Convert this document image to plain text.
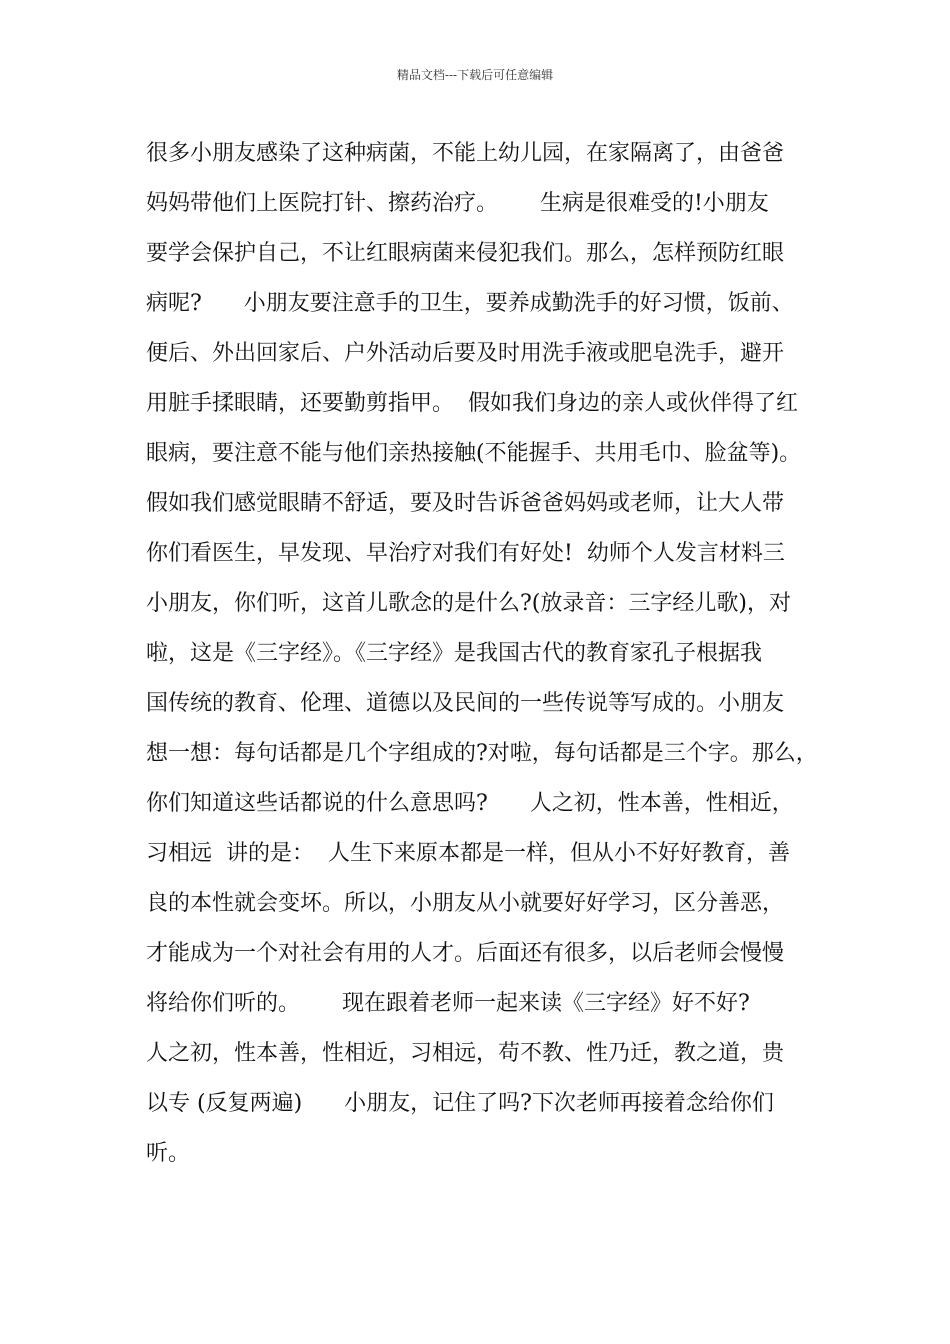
精品文档---下载后可任意编辑
很多小朋友感染了这种病菌，不能上幼儿园，在家隔离了，由爸爸
妈妈带他们上医院打针、擦药治疗。      生病是很难受的!小朋友
要学会保护自己，不让红眼病菌来侵犯我们。那么，怎样预防红眼
病呢?      小朋友要注意手的卫生，要养成勤洗手的好习惯，饭前、
便后、外出回家后、户外活动后要及时用洗手液或肥皂洗手，避开
用脏手揉眼睛，还要勤剪指甲。  假如我们身边的亲人或伙伴得了红
眼病，要注意不能与他们亲热接触(不能握手、共用毛巾、脸盆等)。
假如我们感觉眼睛不舒适，要及时告诉爸爸妈妈或老师，让大人带
你们看医生，早发现、早治疗对我们有好处!  幼师个人发言材料三
小朋友，你们听，这首儿歌念的是什么?(放录音：三字经儿歌)，对
啦，这是《三字经》。《三字经》是我国古代的教育家孔子根据我
国传统的教育、伦理、道德以及民间的一些传说等写成的。小朋友
想一想：每句话都是几个字组成的?对啦，每句话都是三个字。那么，
你们知道这些话都说的什么意思吗?      人之初，性本善，性相近，
习相远  讲的是：  人生下来原本都是一样，但从小不好好教育，善
良的本性就会变坏。所以，小朋友从小就要好好学习，区分善恶，
才能成为一个对社会有用的人才。后面还有很多，以后老师会慢慢
将给你们听的。      现在跟着老师一起来读《三字经》好不好?
人之初，性本善，性相近，习相远，苟不教、性乃迁，教之道，贵
以专 (反复两遍)      小朋友，记住了吗?下次老师再接着念给你们
听。
